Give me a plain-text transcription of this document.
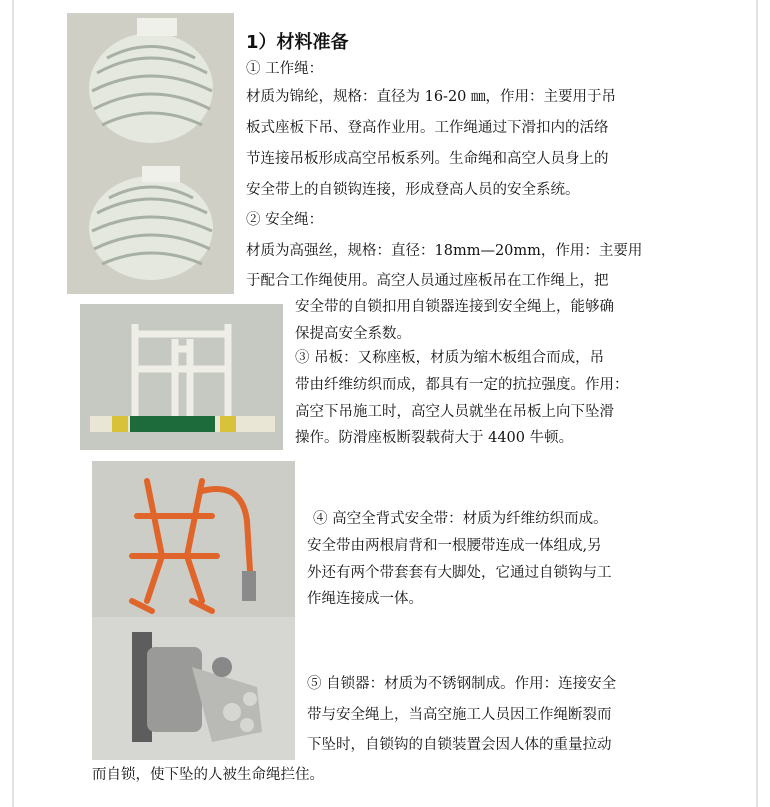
1）材料准备
① 工作绳：
材质为锦纶，规格：直径为 16-20 ㎜，作用：主要用于吊
板式座板下吊、登高作业用。工作绳通过下滑扣内的活络
节连接吊板形成高空吊板系列。生命绳和高空人员身上的
安全带上的自锁钩连接，形成登高人员的安全系统。
② 安全绳：
材质为高强丝，规格：直径：18mm—20mm，作用：主要用
于配合工作绳使用。高空人员通过座板吊在工作绳上，把
安全带的自锁扣用自锁器连接到安全绳上，能够确
保提高安全系数。
③ 吊板：又称座板，材质为缩木板组合而成，吊
带由纤维纺织而成，都具有一定的抗拉强度。作用：
高空下吊施工时，高空人员就坐在吊板上向下坠滑
操作。防滑座板断裂载荷大于 4400 牛顿。
④ 高空全背式安全带：材质为纤维纺织而成。
安全带由两根肩背和一根腰带连成一体组成,另
外还有两个带套套有大脚处，它通过自锁钩与工
作绳连接成一体。
⑤ 自锁器：材质为不锈钢制成。作用：连接安全
带与安全绳上，当高空施工人员因工作绳断裂而
下坠时，自锁钩的自锁装置会因人体的重量拉动
而自锁，使下坠的人被生命绳拦住。
